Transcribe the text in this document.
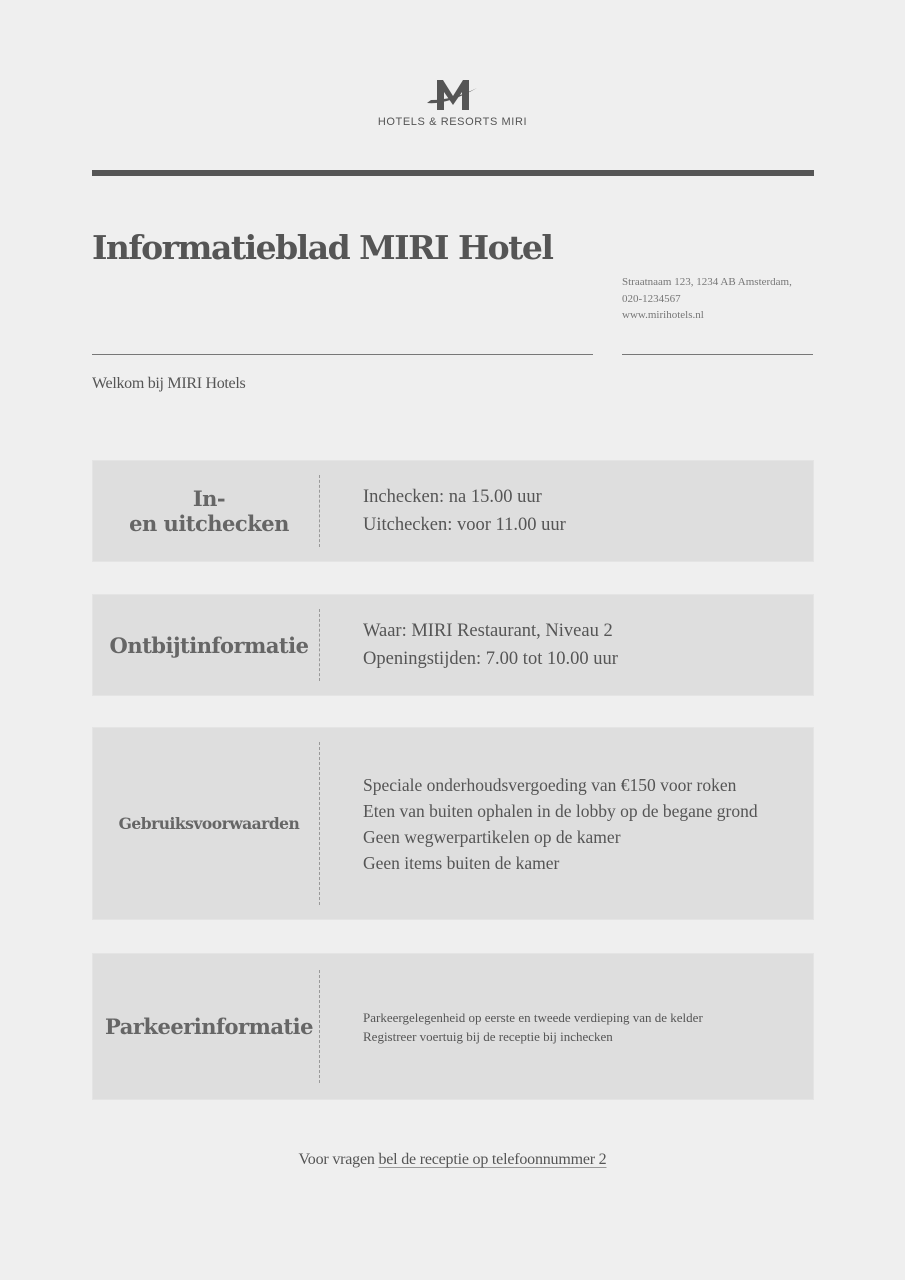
HOTELS & RESORTS MIRI
Informatieblad MIRI Hotel
Straatnaam 123, 1234 AB Amsterdam,
020-1234567
www.mirihotels.nl
Welkom bij MIRI Hotels
In-
en uitchecken
Inchecken: na 15.00 uur
Uitchecken: voor 11.00 uur
Ontbijtinformatie
Waar: MIRI Restaurant, Niveau 2
Openingstijden: 7.00 tot 10.00 uur
Gebruiksvoorwaarden
Speciale onderhoudsvergoeding van €150 voor roken
Eten van buiten ophalen in de lobby op de begane grond
Geen wegwerpartikelen op de kamer
Geen items buiten de kamer
Parkeerinformatie	Parkeergelegenheid op eerste en tweede verdieping van de kelder
Registreer voertuig bij de receptie bij inchecken
Voor vragen bel de receptie op telefoonnummer 2
